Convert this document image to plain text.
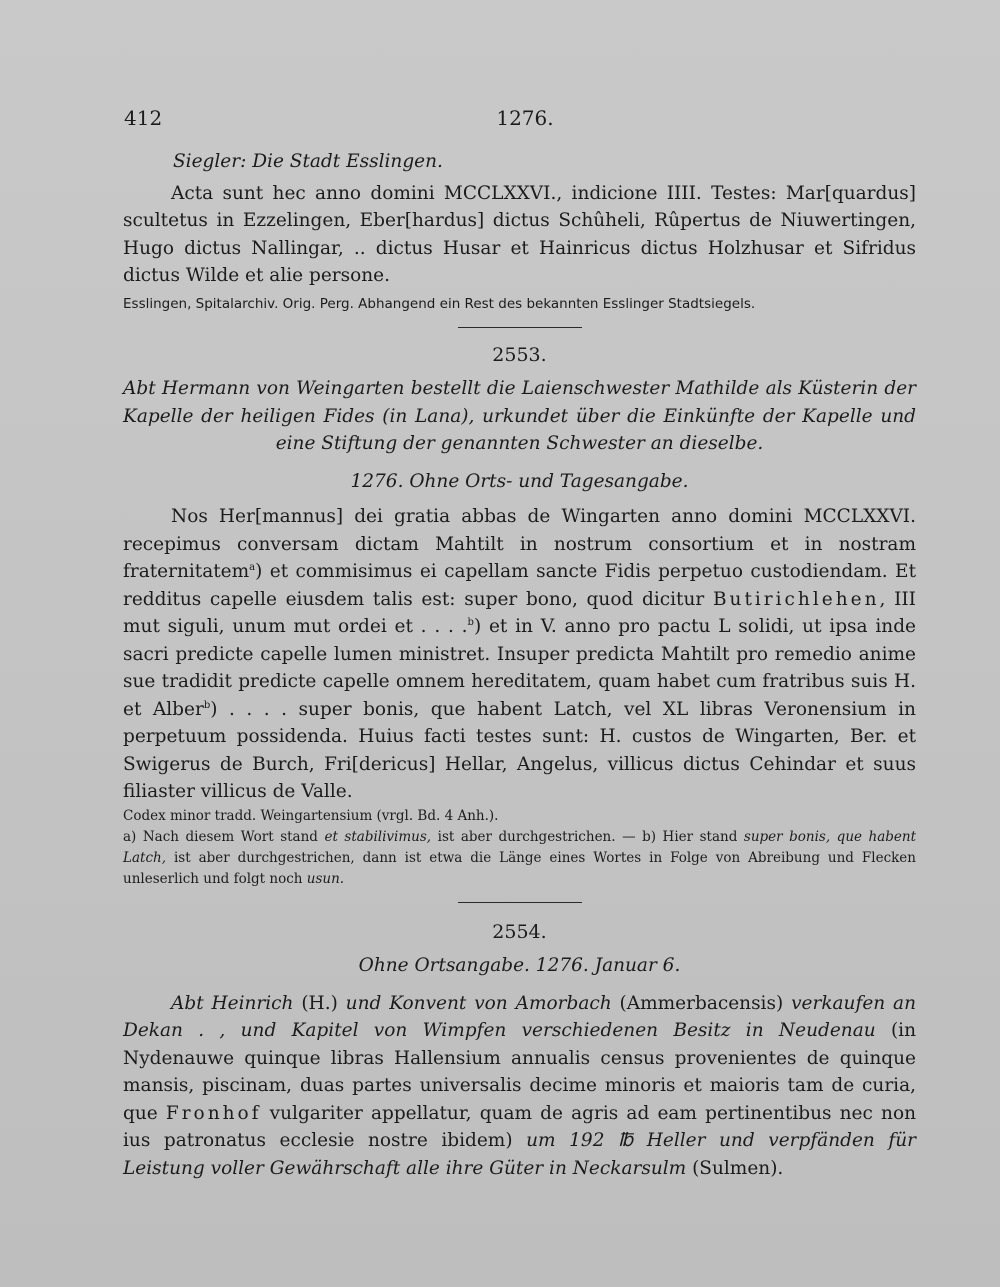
412	1276.

Siegler: Die Stadt Esslingen.

Acta sunt hec anno domini MCCLXXVI., indicione IIII. Testes: Mar[quardus] scultetus in Ezzelingen, Eber[hardus] dictus Schûheli, Rûpertus de Niuwertingen, Hugo dictus Nallingar, .. dictus Husar et Hainricus dictus Holzhusar et Sifridus dictus Wilde et alie persone.

Esslingen, Spitalarchiv. Orig. Perg. Abhangend ein Rest des bekannten Esslinger Stadtsiegels.

2553.

Abt Hermann von Weingarten bestellt die Laienschwester Mathilde als Küsterin der Kapelle der heiligen Fides (in Lana), urkundet über die Einkünfte der Kapelle und eine Stiftung der genannten Schwester an dieselbe.

1276. Ohne Orts- und Tagesangabe.

Nos Her[mannus] dei gratia abbas de Wingarten anno domini MCCLXXVI. recepimus conversam dictam Mahtilt in nostrum consortium et in nostram fraternitatem$^a$) et commisimus ei capellam sancte Fidis perpetuo custodiendam. Et redditus capelle eiusdem talis est: super bono, quod dicitur Butirichlehen, III mut siguli, unum mut ordei et . . . .$^b$) et in V. anno pro pactu L solidi, ut ipsa inde sacri predicte capelle lumen ministret. Insuper predicta Mahtilt pro remedio anime sue tradidit predicte capelle omnem hereditatem, quam habet cum fratribus suis H. et Alber$^b$) . . . . super bonis, que habent Latch, vel XL libras Veronensium in perpetuum possidenda. Huius facti testes sunt: H. custos de Wingarten, Ber. et Swigerus de Burch, Fri[dericus] Hellar, Angelus, villicus dictus Cehindar et suus filiaster villicus de Valle.

Codex minor tradd. Weingartensium (vrgl. Bd. 4 Anh.).

a) Nach diesem Wort stand et stabilivimus, ist aber durchgestrichen. — b) Hier stand super bonis, que habent Latch, ist aber durchgestrichen, dann ist etwa die Länge eines Wortes in Folge von Abreibung und Flecken unleserlich und folgt noch usun.

2554.

Ohne Ortsangabe. 1276. Januar 6.

Abt Heinrich (H.) und Konvent von Amorbach (Ammerbacensis) verkaufen an Dekan . , und Kapitel von Wimpfen verschiedenen Besitz in Neudenau (in Nydenauwe quinque libras Hallensium annualis census provenientes de quinque mansis, piscinam, duas partes universalis decime minoris et maioris tam de curia, que Fronhof vulgariter appellatur, quam de agris ad eam pertinentibus nec non ius patronatus ecclesie nostre ibidem) um 192 ℔ Heller und verpfänden für Leistung voller Gewährschaft alle ihre Güter in Neckarsulm (Sulmen).
